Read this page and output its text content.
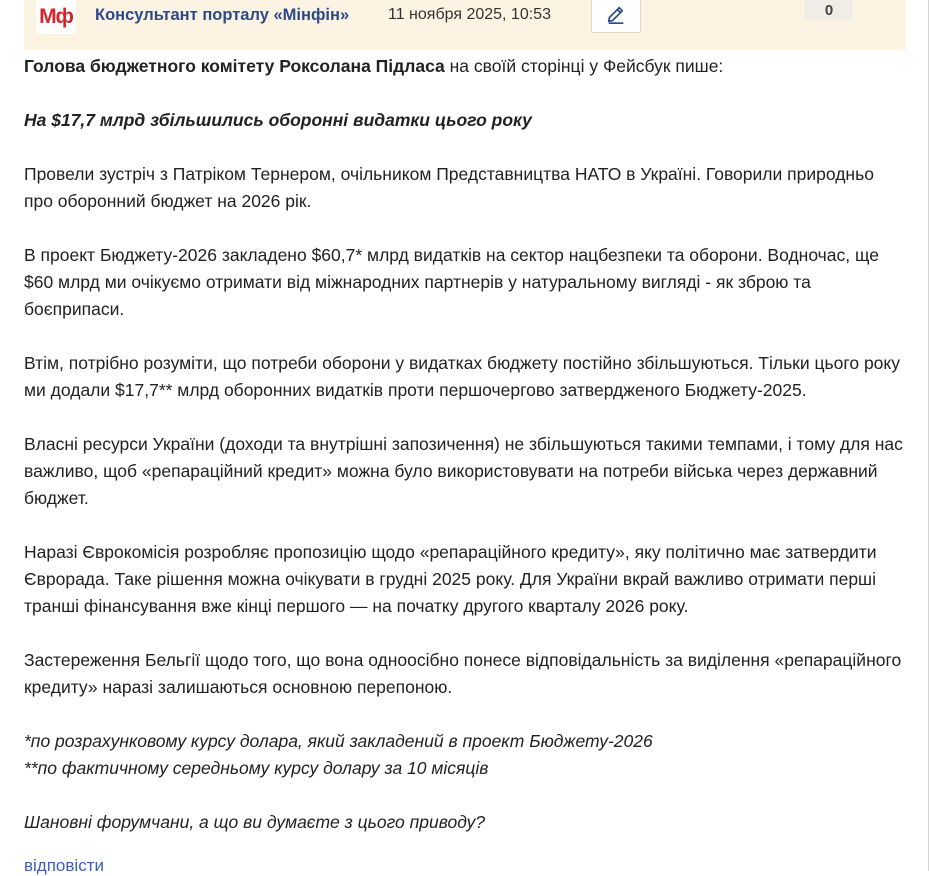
Мф Консультант порталу «Мінфін» 11 ноября 2025, 10:53	0

Голова бюджетного комітету Роксолана Підласа на своїй сторінці у Фейсбук пише:

На $17,7 млрд збільшились оборонні видатки цього року

Провели зустріч з Патріком Тернером, очільником Представництва НАТО в Україні. Говорили природньо про оборонний бюджет на 2026 рік.

В проект Бюджету-2026 закладено $60,7* млрд видатків на сектор нацбезпеки та оборони. Водночас, ще $60 млрд ми очікуємо отримати від міжнародних партнерів у натуральному вигляді - як зброю та боєприпаси.

Втім, потрібно розуміти, що потреби оборони у видатках бюджету постійно збільшуються. Тільки цього року ми додали $17,7** млрд оборонних видатків проти першочергово затвердженого Бюджету-2025.

Власні ресурси України (доходи та внутрішні запозичення) не збільшуються такими темпами, і тому для нас важливо, щоб «репараційний кредит» можна було використовувати на потреби війська через державний бюджет.

Наразі Єврокомісія розробляє пропозицію щодо «репараційного кредиту», яку політично має затвердити Єврорада. Таке рішення можна очікувати в грудні 2025 року. Для України вкрай важливо отримати перші транші фінансування вже кінці першого — на початку другого кварталу 2026 року.

Застереження Бельгії щодо того, що вона одноосібно понесе відповідальність за виділення «репараційного кредиту» наразі залишаються основною перепоною.

*по розрахунковому курсу долара, який закладений в проект Бюджету-2026
**по фактичному середньому курсу долару за 10 місяців

Шановні форумчани, а що ви думаєте з цього приводу?

відповісти
